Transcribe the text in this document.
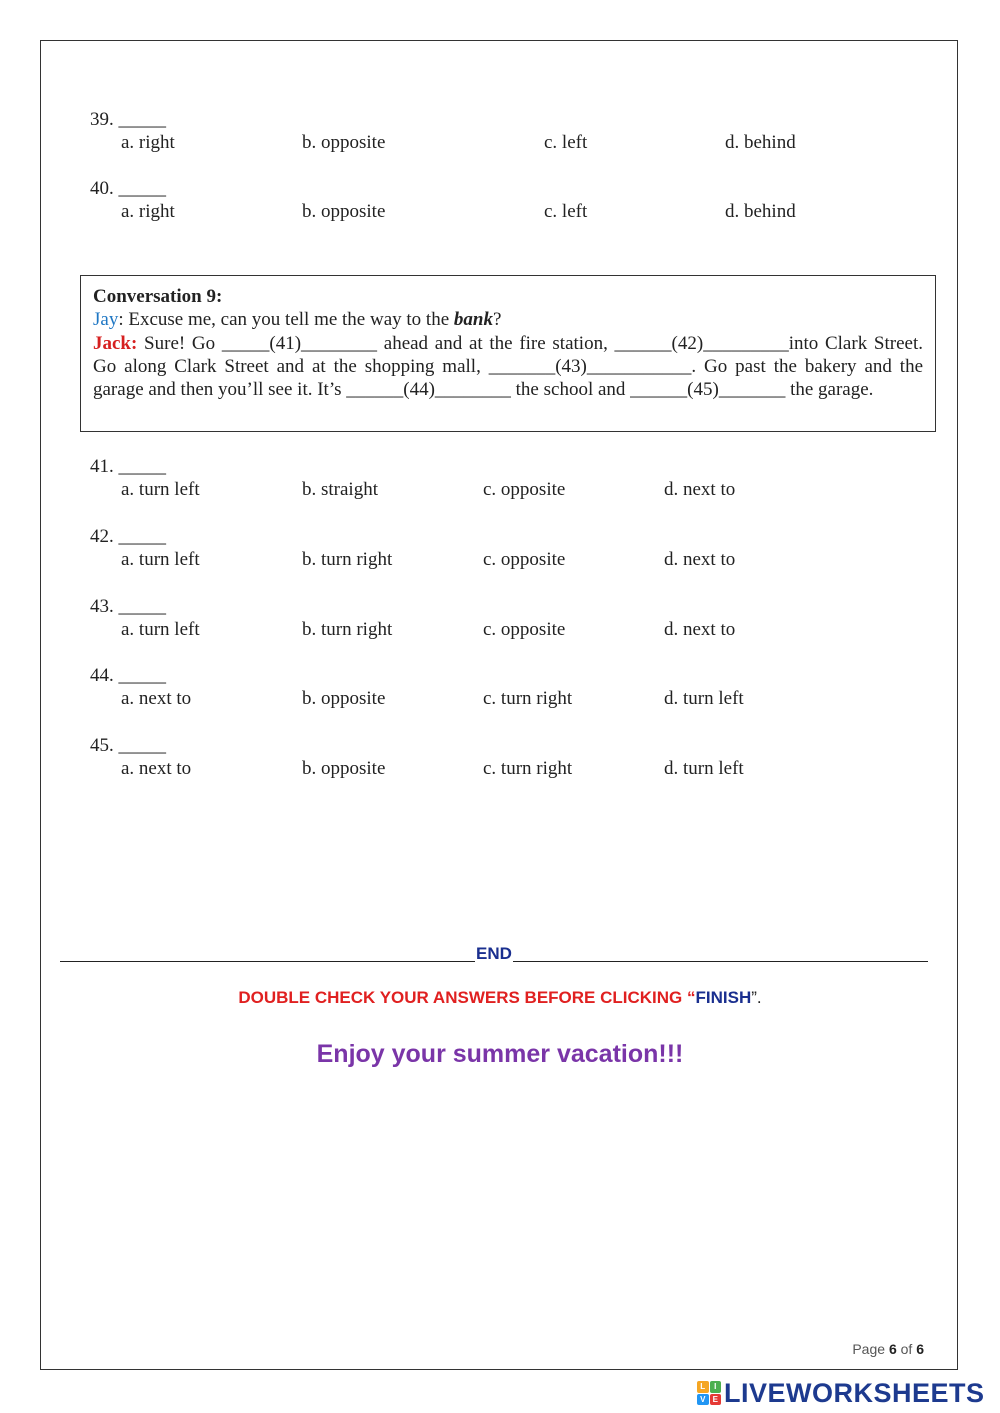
39. _____
a. right	b. opposite	c. left	d. behind
40. _____
a. right	b. opposite	c. left	d. behind

Conversation 9:

Jay: Excuse me, can you tell me the way to the bank?

Jack: Sure! Go _____(41)________ ahead and at the fire station, ______(42)_________into Clark Street. Go along Clark Street and at the shopping mall, _______(43)___________. Go past the bakery and the garage and then you’ll see it. It’s ______(44)________ the school and ______(45)_______ the garage.

41. _____
a. turn left	b. straight	c. opposite	d. next to
42. _____
a. turn left	b. turn right	c. opposite	d. next to
43. _____
a. turn left	b. turn right	c. opposite	d. next to
44. _____
a. next to	b. opposite	c. turn right	d. turn left
45. _____
a. next to	b. opposite	c. turn right	d. turn left
END
DOUBLE CHECK YOUR ANSWERS BEFORE CLICKING “FINISH”.
Enjoy your summer vacation!!!
Page 6 of 6
L	I
V E LIVEWORKSHEETS
